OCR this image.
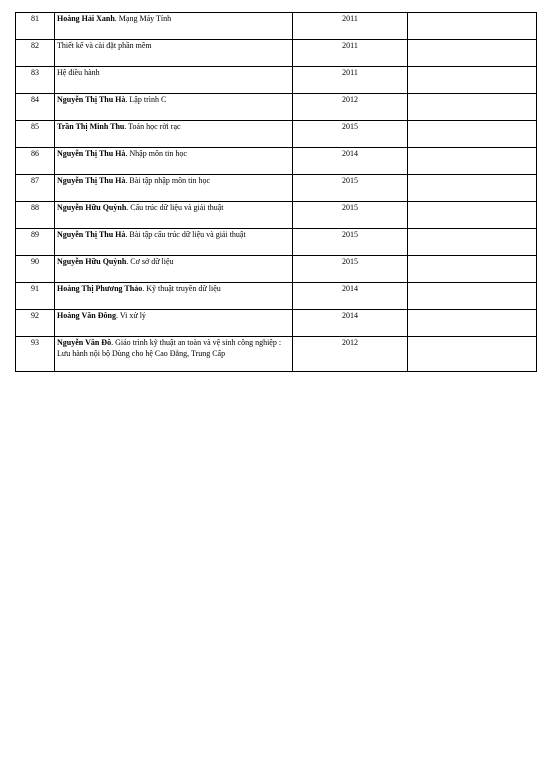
81	Hoàng Hải Xanh. Mạng Máy Tính	2011	
82	Thiết kế và cài đặt phần mềm	2011	
83	Hệ điều hành	2011	
84	Nguyễn Thị Thu Hà. Lập trình C	2012	
85	Trần Thị Minh Thu. Toán học rời rạc	2015	
86	Nguyễn Thị Thu Hà. Nhập môn tin học	2014	
87	Nguyễn Thị Thu Hà. Bài tập nhập môn tin học	2015	
88	Nguyễn Hữu Quỳnh. Cấu trúc dữ liệu và giải thuật	2015	
89	Nguyễn Thị Thu Hà. Bài tập cấu trúc dữ liệu và giải thuật	2015	
90	Nguyễn Hữu Quỳnh. Cơ sở dữ liệu	2015	
91	Hoàng Thị Phương Thảo. Kỹ thuật truyền dữ liệu	2014	
92	Hoàng Văn Đông. Vi xử lý	2014	
93	Nguyễn Văn Đô. Giáo trình kỹ thuật an toàn và vệ sinh công nghiệp : Lưu hành nội bộ Dùng cho hệ Cao Đẳng, Trung Cấp	2012	
